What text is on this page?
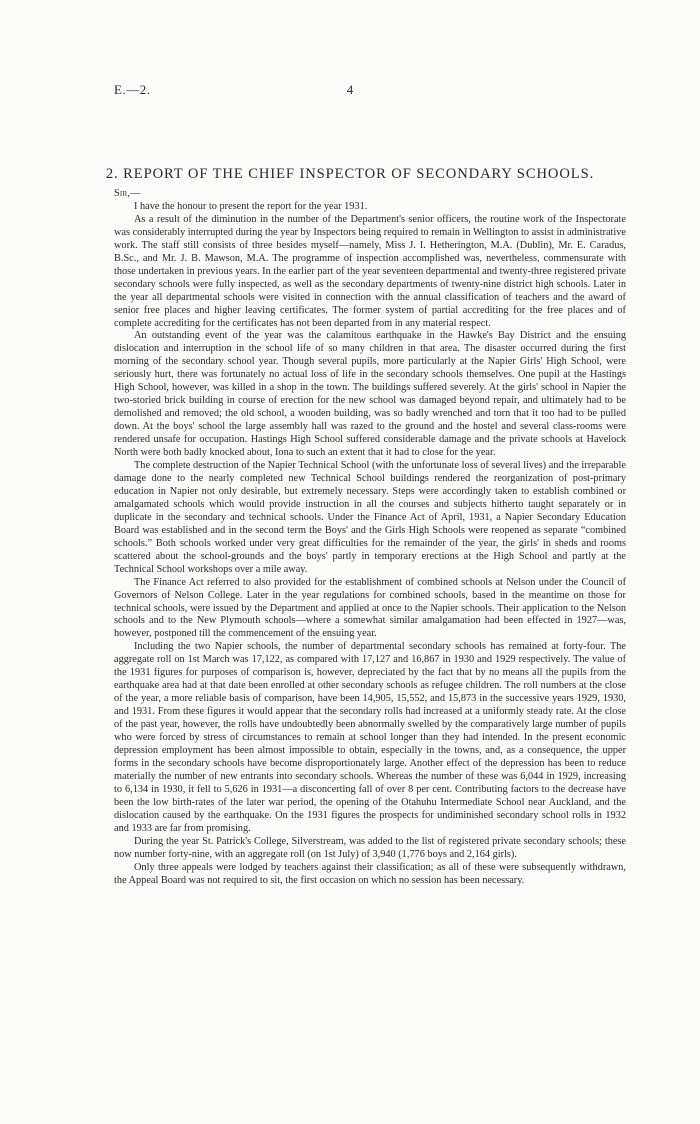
E.—2.	4
2. REPORT OF THE CHIEF INSPECTOR OF SECONDARY SCHOOLS.

Sir,—

I have the honour to present the report for the year 1931.

As a result of the diminution in the number of the Department's senior officers, the routine work of the Inspectorate was considerably interrupted during the year by Inspectors being required to remain in Wellington to assist in administrative work. The staff still consists of three besides myself—namely, Miss J. I. Hetherington, M.A. (Dublin), Mr. E. Caradus, B.Sc., and Mr. J. B. Mawson, M.A. The programme of inspection accomplished was, nevertheless, commensurate with those undertaken in previous years. In the earlier part of the year seventeen departmental and twenty-three registered private secondary schools were fully inspected, as well as the secondary departments of twenty-nine district high schools. Later in the year all departmental schools were visited in connection with the annual classification of teachers and the award of senior free places and higher leaving certificates. The former system of partial accrediting for the free places and of complete accrediting for the certificates has not been departed from in any material respect.

An outstanding event of the year was the calamitous earthquake in the Hawke's Bay District and the ensuing dislocation and interruption in the school life of so many children in that area. The disaster occurred during the first morning of the secondary school year. Though several pupils, more particularly at the Napier Girls' High School, were seriously hurt, there was fortunately no actual loss of life in the secondary schools themselves. One pupil at the Hastings High School, however, was killed in a shop in the town. The buildings suffered severely. At the girls' school in Napier the two-storied brick building in course of erection for the new school was damaged beyond repair, and ultimately had to be demolished and removed; the old school, a wooden building, was so badly wrenched and torn that it too had to be pulled down. At the boys' school the large assembly hall was razed to the ground and the hostel and several class-rooms were rendered unsafe for occupation. Hastings High School suffered considerable damage and the private schools at Havelock North were both badly knocked about, Iona to such an extent that it had to close for the year.

The complete destruction of the Napier Technical School (with the unfortunate loss of several lives) and the irreparable damage done to the nearly completed new Technical School buildings rendered the reorganization of post-primary education in Napier not only desirable, but extremely necessary. Steps were accordingly taken to establish combined or amalgamated schools which would provide instruction in all the courses and subjects hitherto taught separately or in duplicate in the secondary and technical schools. Under the Finance Act of April, 1931, a Napier Secondary Education Board was established and in the second term the Boys' and the Girls High Schools were reopened as separate “combined schools.” Both schools worked under very great difficulties for the remainder of the year, the girls' in sheds and rooms scattered about the school-grounds and the boys' partly in temporary erections at the High School and partly at the Technical School workshops over a mile away.

The Finance Act referred to also provided for the establishment of combined schools at Nelson under the Council of Governors of Nelson College. Later in the year regulations for combined schools, based in the meantime on those for technical schools, were issued by the Department and applied at once to the Napier schools. Their application to the Nelson schools and to the New Plymouth schools—where a somewhat similar amalgamation had been effected in 1927—was, however, postponed till the commencement of the ensuing year.

Including the two Napier schools, the number of departmental secondary schools has remained at forty-four. The aggregate roll on 1st March was 17,122, as compared with 17,127 and 16,867 in 1930 and 1929 respectively. The value of the 1931 figures for purposes of comparison is, however, depreciated by the fact that by no means all the pupils from the earthquake area had at that date been enrolled at other secondary schools as refugee children. The roll numbers at the close of the year, a more reliable basis of comparison, have been 14,905, 15,552, and 15,873 in the successive years 1929, 1930, and 1931. From these figures it would appear that the secondary rolls had increased at a uniformly steady rate. At the close of the past year, however, the rolls have undoubtedly been abnormally swelled by the comparatively large number of pupils who were forced by stress of circumstances to remain at school longer than they had intended. In the present economic depression employment has been almost impossible to obtain, especially in the towns, and, as a consequence, the upper forms in the secondary schools have become disproportionately large. Another effect of the depression has been to reduce materially the number of new entrants into secondary schools. Whereas the number of these was 6,044 in 1929, increasing to 6,134 in 1930, it fell to 5,626 in 1931—a disconcerting fall of over 8 per cent. Contributing factors to the decrease have been the low birth-rates of the later war period, the opening of the Otahuhu Intermediate School near Auckland, and the dislocation caused by the earthquake. On the 1931 figures the prospects for undiminished secondary school rolls in 1932 and 1933 are far from promising.

During the year St. Patrick's College, Silverstream, was added to the list of registered private secondary schools; these now number forty-nine, with an aggregate roll (on 1st July) of 3,940 (1,776 boys and 2,164 girls).

Only three appeals were lodged by teachers against their classification; as all of these were subsequently withdrawn, the Appeal Board was not required to sit, the first occasion on which no session has been necessary.
